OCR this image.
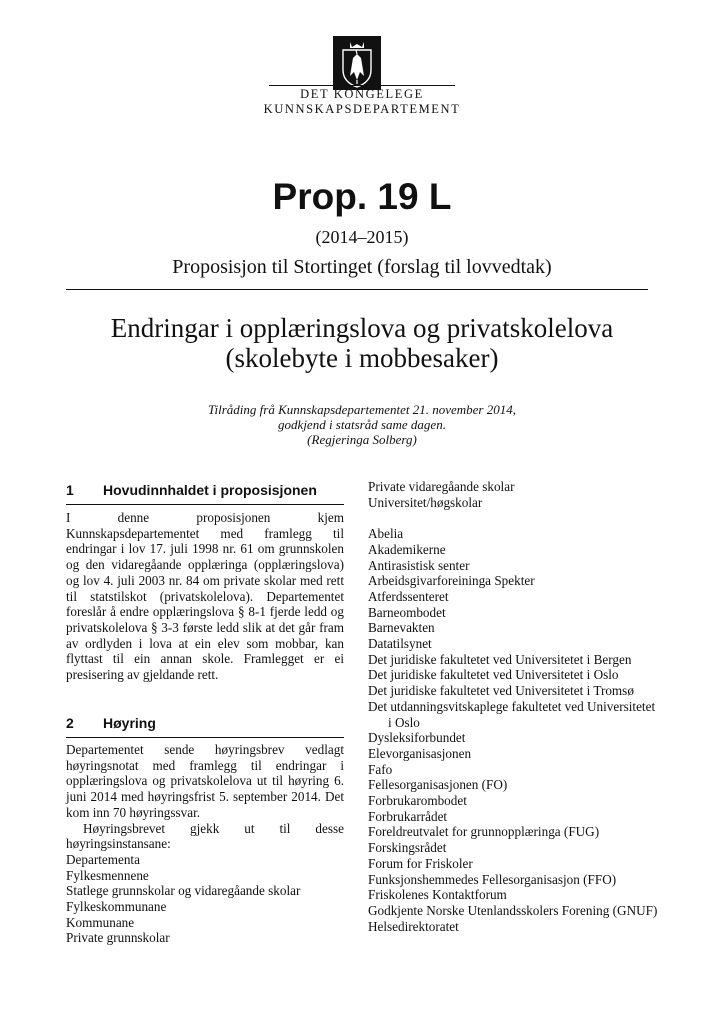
DET KONGELEGE
KUNNSKAPSDEPARTEMENT
Prop. 19 L
(2014–2015)
Proposisjon til Stortinget (forslag til lovvedtak)
Endringar i opplæringslova og privatskolelova
(skolebyte i mobbesaker)
Tilråding frå Kunnskapsdepartementet 21. november 2014,
godkjend i statsråd same dagen.
(Regjeringa Solberg)
1 Hovudinnhaldet i proposisjonen

I denne proposisjonen kjem Kunnskapsdepartementet med framlegg til endringar i lov 17. juli 1998 nr. 61 om grunnskolen og den vidaregåande opplæringa (opplæringslova) og lov 4. juli 2003 nr. 84 om private skolar med rett til statstilskot (privatskolelova). Departementet foreslår å endre opplæringslova § 8-1 fjerde ledd og privatskolelova § 3-3 første ledd slik at det går fram av ordlyden i lova at ein elev som mobbar, kan flyttast til ein annan skole. Framlegget er ei presisering av gjeldande rett.

2 Høyring

Departementet sende høyringsbrev vedlagt høyringsnotat med framlegg til endringar i opplæringslova og privatskolelova ut til høyring 6. juni 2014 med høyringsfrist 5. september 2014. Det kom inn 70 høyringssvar.

Høyringsbrevet gjekk ut til desse høyringsinstansane:

Departementa
Fylkesmennene
Statlege grunnskolar og vidaregåande skolar
Fylkeskommunane
Kommunane
Private grunnskolar
Private vidaregåande skolar
Universitet/høgskolar
Abelia
Akademikerne
Antirasistisk senter
Arbeidsgivarforeininga Spekter
Atferdssenteret
Barneombodet
Barnevakten
Datatilsynet
Det juridiske fakultetet ved Universitetet i Bergen
Det juridiske fakultetet ved Universitetet i Oslo
Det juridiske fakultetet ved Universitetet i Tromsø
Det utdanningsvitskaplege fakultetet ved Universitetet i Oslo
Dysleksiforbundet
Elevorganisasjonen
Fafo
Fellesorganisasjonen (FO)
Forbrukarombodet
Forbrukarrådet
Foreldreutvalet for grunnopplæringa (FUG)
Forskingsrådet
Forum for Friskoler
Funksjonshemmedes Fellesorganisasjon (FFO)
Friskolenes Kontaktforum
Godkjente Norske Utenlandsskolers Forening (GNUF)
Helsedirektoratet
